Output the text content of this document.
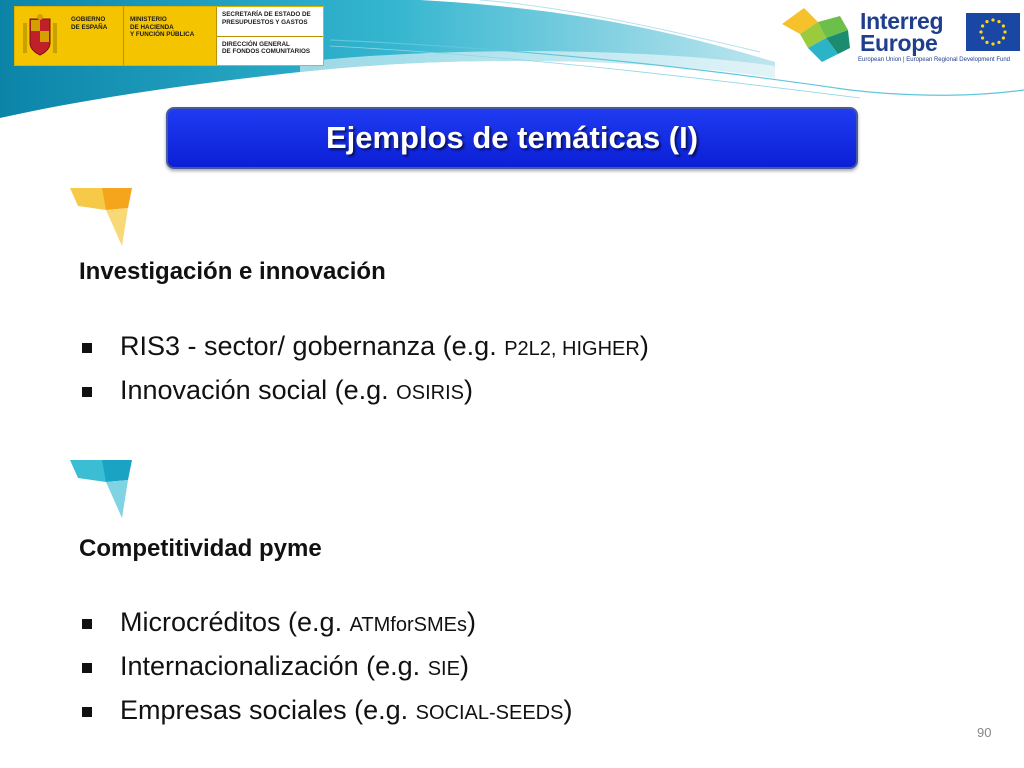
GOBIERNO
DE ESPAÑA
MINISTERIO
DE HACIENDA
Y FUNCIÓN PÚBLICA
SECRETARÍA DE ESTADO DE
PRESUPUESTOS Y GASTOS
DIRECCIÓN GENERAL
DE FONDOS COMUNITARIOS
Interreg
Europe
European Union | European Regional Development Fund
Ejemplos de temáticas (I)
Investigación e innovación
RIS3 - sector/ gobernanza (e.g. P2L2, HIGHER)
Innovación social (e.g. OSIRIS)
Competitividad pyme
Microcréditos (e.g. ATMforSMEs)
Internacionalización (e.g. SIE)
Empresas sociales (e.g. SOCIAL-SEEDS)
90
